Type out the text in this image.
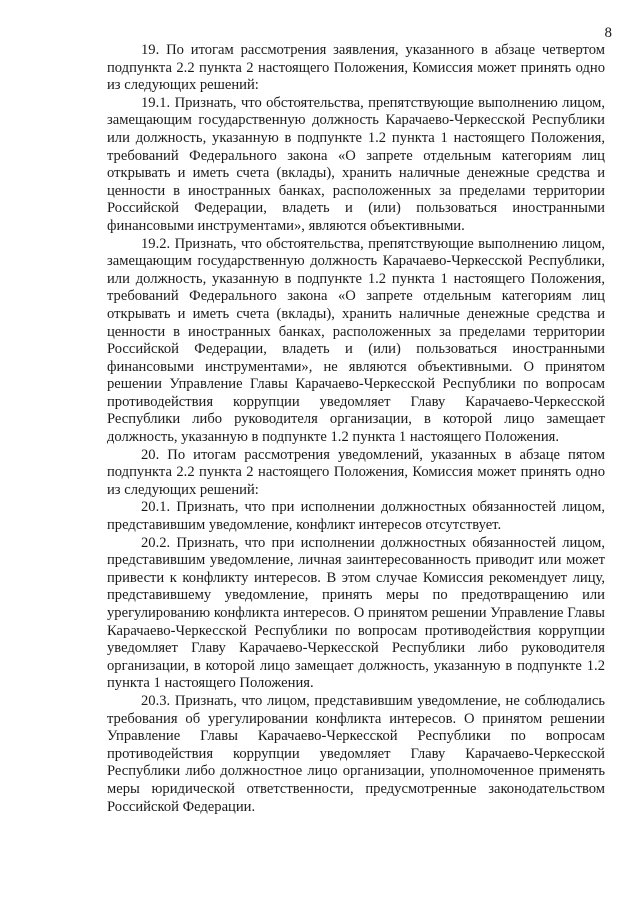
8

19. По итогам рассмотрения заявления, указанного в абзаце четвертом подпункта 2.2 пункта 2 настоящего Положения, Комиссия может принять одно из следующих решений:

19.1. Признать, что обстоятельства, препятствующие выполнению лицом, замещающим государственную должность Карачаево-Черкесской Республики или должность, указанную в подпункте 1.2 пункта 1 настоящего Положения, требований Федерального закона «О запрете отдельным категориям лиц открывать и иметь счета (вклады), хранить наличные денежные средства и ценности в иностранных банках, расположенных за пределами территории Российской Федерации, владеть и (или) пользоваться иностранными финансовыми инструментами», являются объективными.

19.2. Признать, что обстоятельства, препятствующие выполнению лицом, замещающим государственную должность Карачаево-Черкесской Республики, или должность, указанную в подпункте 1.2 пункта 1 настоящего Положения, требований Федерального закона «О запрете отдельным категориям лиц открывать и иметь счета (вклады), хранить наличные денежные средства и ценности в иностранных банках, расположенных за пределами территории Российской Федерации, владеть и (или) пользоваться иностранными финансовыми инструментами», не являются объективными. О принятом решении Управление Главы Карачаево-Черкесской Республики по вопросам противодействия коррупции уведомляет Главу Карачаево-Черкесской Республики либо руководителя организации, в которой лицо замещает должность, указанную в подпункте 1.2 пункта 1 настоящего Положения.

20. По итогам рассмотрения уведомлений, указанных в абзаце пятом подпункта 2.2 пункта 2 настоящего Положения, Комиссия может принять одно из следующих решений:

20.1. Признать, что при исполнении должностных обязанностей лицом, представившим уведомление, конфликт интересов отсутствует.

20.2. Признать, что при исполнении должностных обязанностей лицом, представившим уведомление, личная заинтересованность приводит или может привести к конфликту интересов. В этом случае Комиссия рекомендует лицу, представившему уведомление, принять меры по предотвращению или урегулированию конфликта интересов. О принятом решении Управление Главы Карачаево-Черкесской Республики по вопросам противодействия коррупции уведомляет Главу Карачаево-Черкесской Республики либо руководителя организации, в которой лицо замещает должность, указанную в подпункте 1.2 пункта 1 настоящего Положения.

20.3. Признать, что лицом, представившим уведомление, не соблюдались требования об урегулировании конфликта интересов. О принятом решении Управление Главы Карачаево-Черкесской Республики по вопросам противодействия коррупции уведомляет Главу Карачаево-Черкесской Республики либо должностное лицо организации, уполномоченное применять меры юридической ответственности, предусмотренные законодательством Российской Федерации.
